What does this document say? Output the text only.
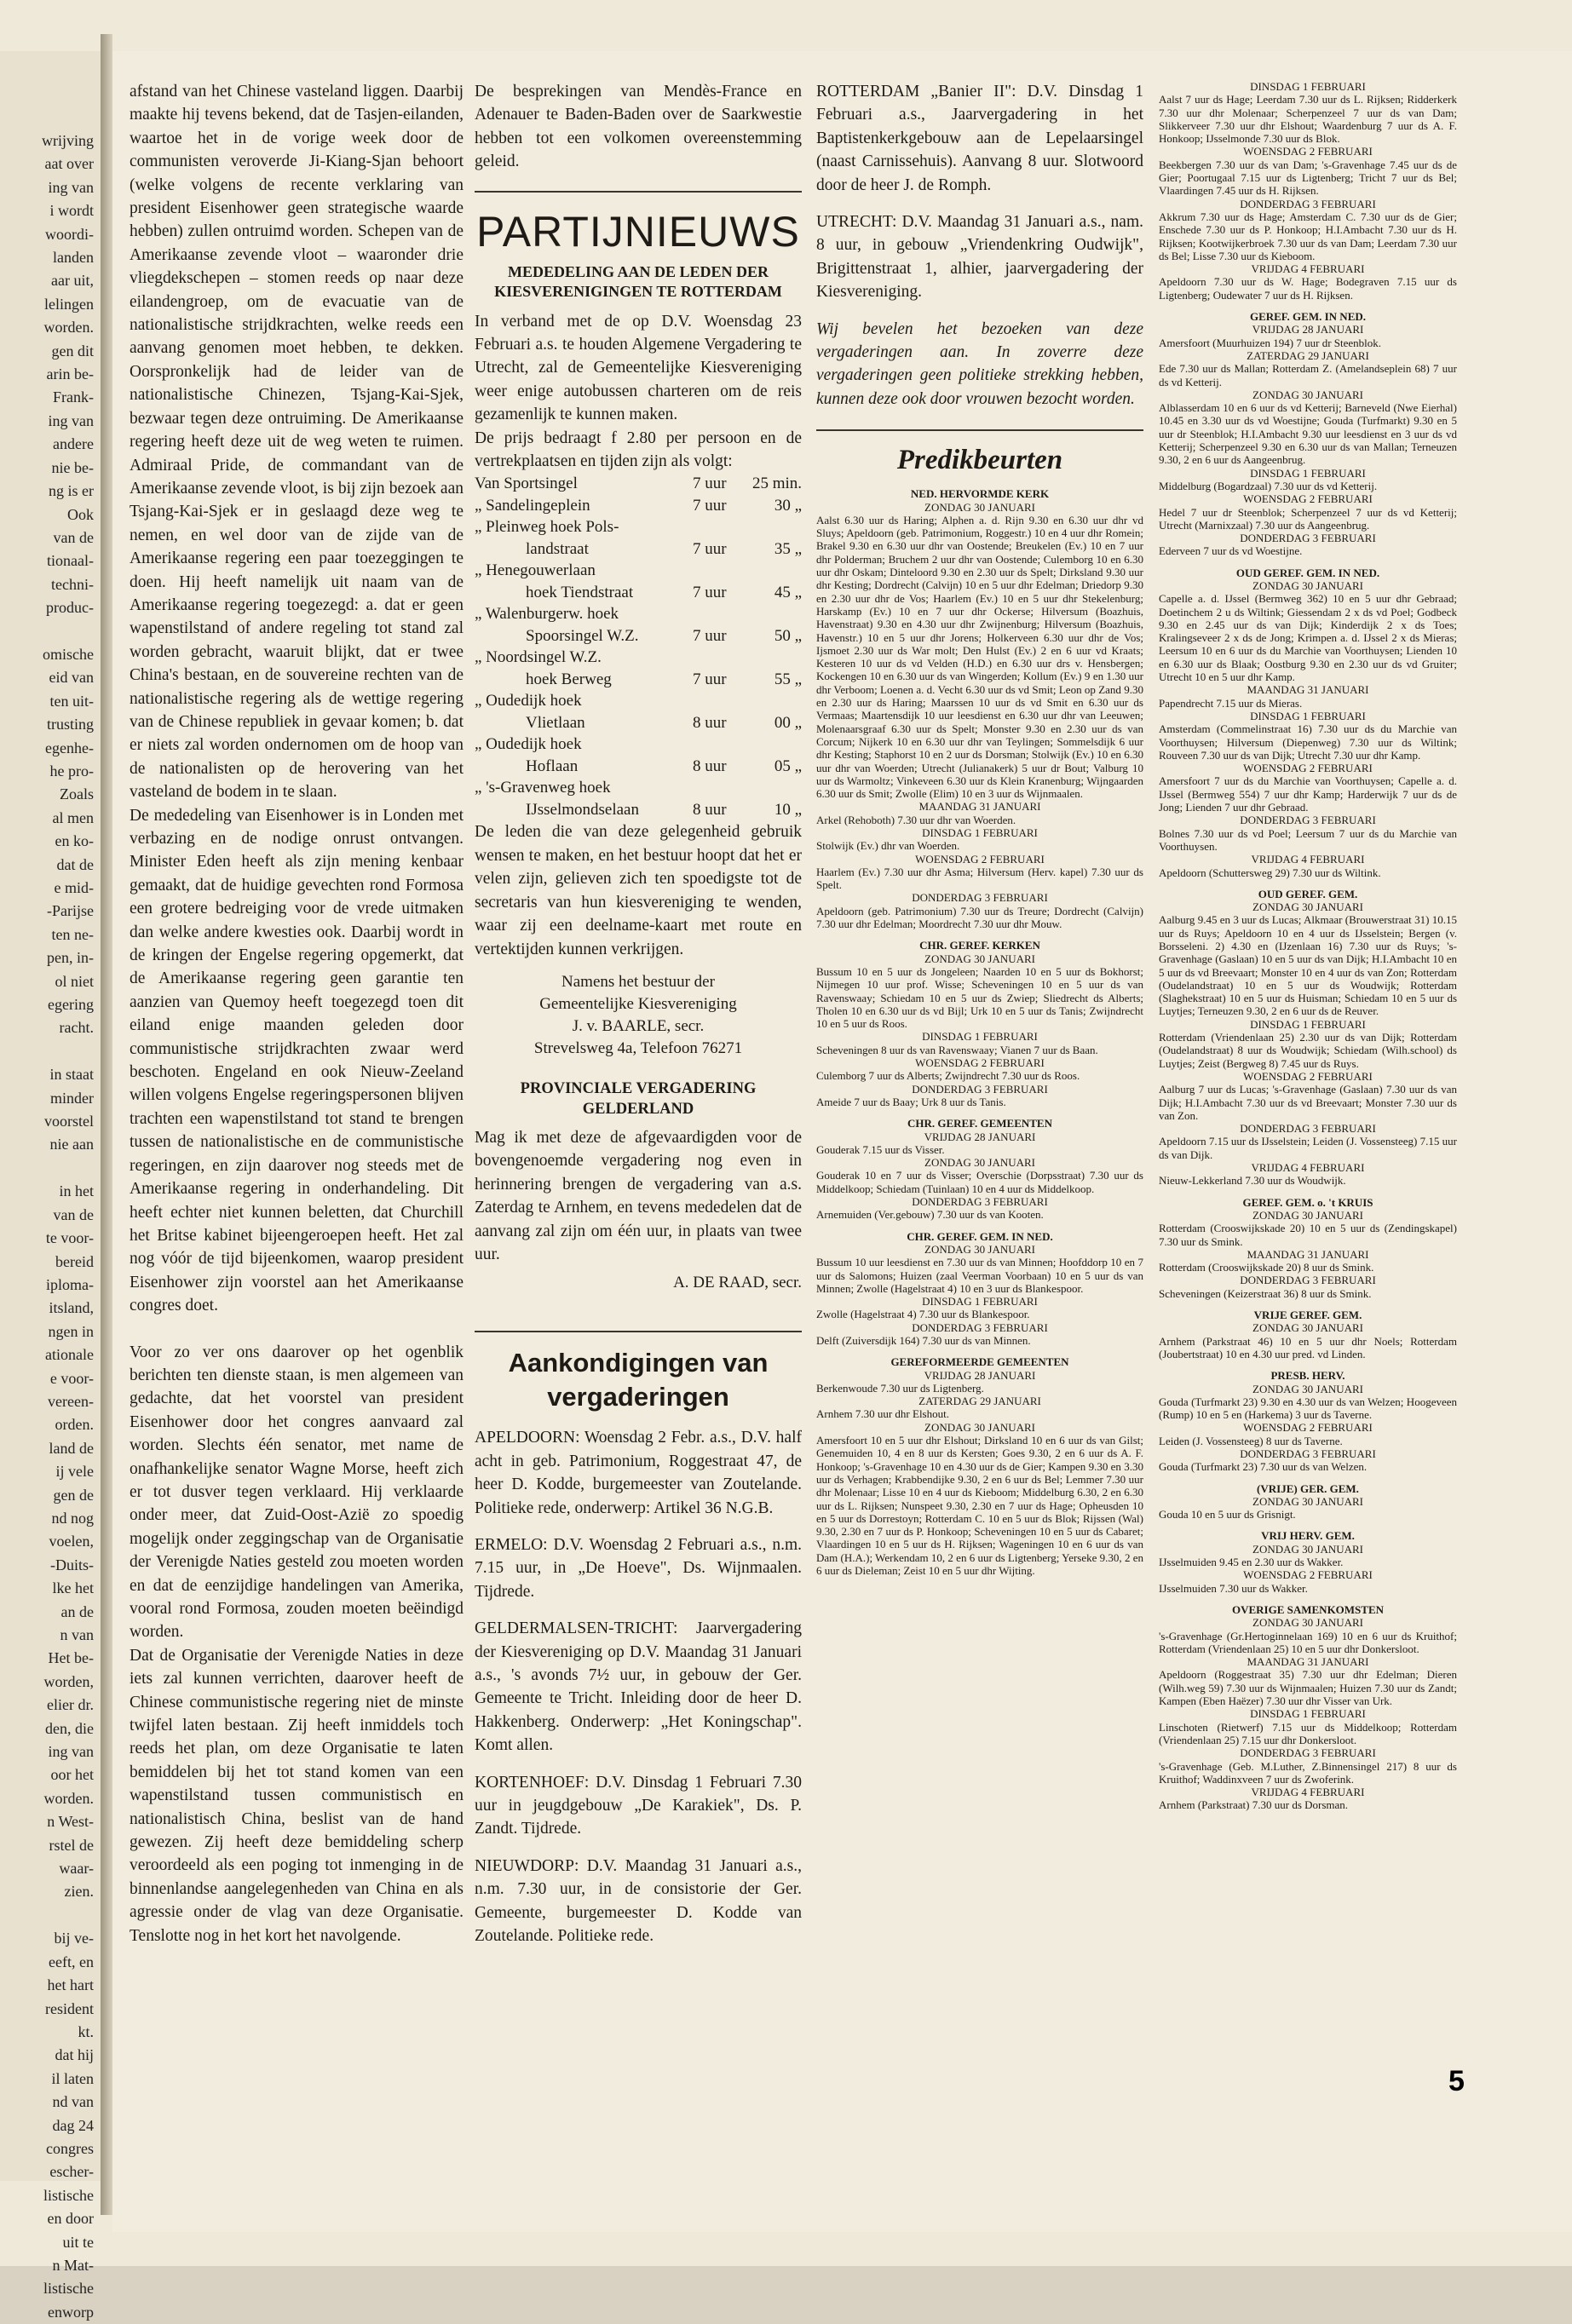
wrijving
aat over
ing van
i wordt
woordi-
landen
aar uit,
lelingen
worden.
gen dit
arin be-
Frank-
ing van
andere
nie be-
ng is er
Ook
van de
tionaal-
techni-
produc-

omische
eid van
ten uit-
trusting
egenhe-
he pro-
Zoals
al men
en ko-
dat de
e mid-
-Parijse
ten ne-
pen, in-
ol niet
egering
racht.

in staat
minder
voorstel
nie aan

in het
van de
te voor-
bereid
iploma-
itsland,
ngen in
ationale
e voor-
vereen-
orden.
land de
ij vele
gen de
nd nog
voelen,
-Duits-
lke het
an de
n van
Het be-
worden,
elier dr.
den, die
ing van
oor het
worden.
n West-
rstel de
waar-
zien.

bij ve-
eeft, en
het hart
resident
kt.
dat hij
il laten
nd van
dag 24
congres
escher-
listische
en door
uit te
n Mat-
listische
enworp

afstand van het Chinese vasteland liggen. Daarbij maakte hij tevens bekend, dat de Tasjen-eilanden, waartoe het in de vorige week door de communisten veroverde Ji-Kiang-Sjan behoort (welke volgens de recente verklaring van president Eisenhower geen strategische waarde hebben) zullen ontruimd worden. Schepen van de Amerikaanse zevende vloot – waaronder drie vliegdekschepen – stomen reeds op naar deze eilandengroep, om de evacuatie van de nationalistische strijdkrachten, welke reeds een aanvang genomen moet hebben, te dekken. Oorspronkelijk had de leider van de nationalistische Chinezen, Tsjang-Kai-Sjek, bezwaar tegen deze ontruiming. De Amerikaanse regering heeft deze uit de weg weten te ruimen. Admiraal Pride, de commandant van de Amerikaanse zevende vloot, is bij zijn bezoek aan Tsjang-Kai-Sjek er in geslaagd deze weg te nemen, en wel door van de zijde van de Amerikaanse regering een paar toezeggingen te doen. Hij heeft namelijk uit naam van de Amerikaanse regering toegezegd: a. dat er geen wapenstilstand of andere regeling tot stand zal worden gebracht, waaruit blijkt, dat er twee China's bestaan, en de souvereine rechten van de nationalistische regering als de wettige regering van de Chinese republiek in gevaar komen; b. dat er niets zal worden ondernomen om de hoop van de nationalisten op de herovering van het vasteland de bodem in te slaan.

De mededeling van Eisenhower is in Londen met verbazing en de nodige onrust ontvangen. Minister Eden heeft als zijn mening kenbaar gemaakt, dat de huidige gevechten rond Formosa een grotere bedreiging voor de vrede uitmaken dan welke andere kwesties ook. Daarbij wordt in de kringen der Engelse regering opgemerkt, dat de Amerikaanse regering geen garantie ten aanzien van Quemoy heeft toegezegd toen dit eiland enige maanden geleden door communistische strijdkrachten zwaar werd beschoten. Engeland en ook Nieuw-Zeeland willen volgens Engelse regeringspersonen blijven trachten een wapenstilstand tot stand te brengen tussen de nationalistische en de communistische regeringen, en zijn daarover nog steeds met de Amerikaanse regering in onderhandeling. Dit heeft echter niet kunnen beletten, dat Churchill het Britse kabinet bijeengeroepen heeft. Het zal nog vóór de tijd bijeenkomen, waarop president Eisenhower zijn voorstel aan het Amerikaanse congres doet.

Voor zo ver ons daarover op het ogenblik berichten ten dienste staan, is men algemeen van gedachte, dat het voorstel van president Eisenhower door het congres aanvaard zal worden. Slechts één senator, met name de onafhankelijke senator Wagne Morse, heeft zich er tot dusver tegen verklaard. Hij verklaarde onder meer, dat Zuid-Oost-Azië zo spoedig mogelijk onder zeggingschap van de Organisatie der Verenigde Naties gesteld zou moeten worden en dat de eenzijdige handelingen van Amerika, vooral rond Formosa, zouden moeten beëindigd worden.

Dat de Organisatie der Verenigde Naties in deze iets zal kunnen verrichten, daarover heeft de Chinese communistische regering niet de minste twijfel laten bestaan. Zij heeft inmiddels toch reeds het plan, om deze Organisatie te laten bemiddelen bij het tot stand komen van een wapenstilstand tussen communistisch en nationalistisch China, beslist van de hand gewezen. Zij heeft deze bemiddeling scherp veroordeeld als een poging tot inmenging in de binnenlandse aangelegenheden van China en als agressie onder de vlag van deze Organisatie. Tenslotte nog in het kort het navolgende.

De besprekingen van Mendès-France en Adenauer te Baden-Baden over de Saarkwestie hebben tot een volkomen overeenstemming geleid.

PARTIJNIEUWS
MEDEDELING AAN DE LEDEN DER KIESVERENIGINGEN TE ROTTERDAM

In verband met de op D.V. Woensdag 23 Februari a.s. te houden Algemene Vergadering te Utrecht, zal de Gemeentelijke Kiesvereniging weer enige autobussen charteren om de reis gezamenlijk te kunnen maken.

De prijs bedraagt f 2.80 per persoon en de vertrekplaatsen en tijden zijn als volgt:

Van Sportsingel	7 uur	25 min.
„ Sandelingeplein	7 uur	30 „
„ Pleinweg hoek Pols-		
landstraat	7 uur	35 „
„ Henegouwerlaan		
hoek Tiendstraat	7 uur	45 „
„ Walenburgerw. hoek		
Spoorsingel W.Z.	7 uur	50 „
„ Noordsingel W.Z.		
hoek Berweg	7 uur	55 „
„ Oudedijk hoek		
Vlietlaan	8 uur	00 „
„ Oudedijk hoek		
Hoflaan	8 uur	05 „
„ 's-Gravenweg hoek		
IJsselmondselaan	8 uur	10 „

De leden die van deze gelegenheid gebruik wensen te maken, en het bestuur hoopt dat het er velen zijn, gelieven zich ten spoedigste tot de secretaris van hun kiesvereniging te wenden, waar zij een deelname-kaart met route en vertektijden kunnen verkrijgen.

Namens het bestuur der
Gemeentelijke Kiesvereniging
J. v. BAARLE, secr.
Strevelsweg 4a, Telefoon 76271
PROVINCIALE VERGADERING GELDERLAND

Mag ik met deze de afgevaardigden voor de bovengenoemde vergadering nog even in herinnering brengen de vergadering van a.s. Zaterdag te Arnhem, en tevens mededelen dat de aanvang zal zijn om één uur, in plaats van twee uur.

A. DE RAAD, secr.
Aankondigingen van vergaderingen

APELDOORN: Woensdag 2 Febr. a.s., D.V. half acht in geb. Patrimonium, Roggestraat 47, de heer D. Kodde, burgemeester van Zoutelande. Politieke rede, onderwerp: Artikel 36 N.G.B.

ERMELO: D.V. Woensdag 2 Februari a.s., n.m. 7.15 uur, in „De Hoeve", Ds. Wijnmaalen. Tijdrede.

GELDERMALSEN-TRICHT: Jaarvergadering der Kiesvereniging op D.V. Maandag 31 Januari a.s., 's avonds 7½ uur, in gebouw der Ger. Gemeente te Tricht. Inleiding door de heer D. Hakkenberg. Onderwerp: „Het Koningschap". Komt allen.

KORTENHOEF: D.V. Dinsdag 1 Februari 7.30 uur in jeugdgebouw „De Karakiek", Ds. P. Zandt. Tijdrede.

NIEUWDORP: D.V. Maandag 31 Januari a.s., n.m. 7.30 uur, in de consistorie der Ger. Gemeente, burgemeester D. Kodde van Zoutelande. Politieke rede.

ROTTERDAM „Banier II": D.V. Dinsdag 1 Februari a.s., Jaarvergadering in het Baptistenkerkgebouw aan de Lepelaarsingel (naast Carnissehuis). Aanvang 8 uur. Slotwoord door de heer J. de Romph.

UTRECHT: D.V. Maandag 31 Januari a.s., nam. 8 uur, in gebouw „Vriendenkring Oudwijk", Brigittenstraat 1, alhier, jaarvergadering der Kiesvereniging.

Wij bevelen het bezoeken van deze vergaderingen aan. In zoverre deze vergaderingen geen politieke strekking hebben, kunnen deze ook door vrouwen bezocht worden.

Predikbeurten
NED. HERVORMDE KERK
ZONDAG 30 JANUARI
Aalst 6.30 uur ds Haring; Alphen a. d. Rijn 9.30 en 6.30 uur dhr vd Sluys; Apeldoorn (geb. Patrimonium, Roggestr.) 10 en 4 uur dhr Romein; Brakel 9.30 en 6.30 uur dhr van Oostende; Breukelen (Ev.) 10 en 7 uur dhr Polderman; Bruchem 2 uur dhr van Oostende; Culemborg 10 en 6.30 uur dhr Oskam; Dinteloord 9.30 en 2.30 uur ds Spelt; Dirksland 9.30 uur dhr Kesting; Dordrecht (Calvijn) 10 en 5 uur dhr Edelman; Driedorp 9.30 en 2.30 uur dhr de Vos; Haarlem (Ev.) 10 en 5 uur dhr Stekelenburg; Harskamp (Ev.) 10 en 7 uur dhr Ockerse; Hilversum (Boazhuis, Havenstraat) 9.30 en 4.30 uur dhr Zwijnenburg; Hilversum (Boazhuis, Havenstr.) 10 en 5 uur dhr Jorens; Holkerveen 6.30 uur dhr de Vos; Ijsmoet 2.30 uur ds War molt; Den Hulst (Ev.) 2 en 6 uur vd Kraats; Kesteren 10 uur ds vd Velden (H.D.) en 6.30 uur drs v. Hensbergen; Kockengen 10 en 6.30 uur ds van Wingerden; Kollum (Ev.) 9 en 1.30 uur dhr Verboom; Loenen a. d. Vecht 6.30 uur ds vd Smit; Leon op Zand 9.30 en 2.30 uur ds Haring; Maarssen 10 uur ds vd Smit en 6.30 uur ds Vermaas; Maartensdijk 10 uur leesdienst en 6.30 uur dhr van Leeuwen; Molenaarsgraaf 6.30 uur ds Spelt; Monster 9.30 en 2.30 uur ds van Corcum; Nijkerk 10 en 6.30 uur dhr van Teylingen; Sommelsdijk 6 uur dhr Kesting; Staphorst 10 en 2 uur ds Dorsman; Stolwijk (Ev.) 10 en 6.30 uur dhr van Woerden; Utrecht (Julianakerk) 5 uur dr Bout; Valburg 10 uur ds Warmoltz; Vinkeveen 6.30 uur ds Klein Kranenburg; Wijngaarden 6.30 uur ds Smit; Zwolle (Elim) 10 en 3 uur ds Wijnmaalen.
MAANDAG 31 JANUARI
Arkel (Rehoboth) 7.30 uur dhr van Woerden.
DINSDAG 1 FEBRUARI
Stolwijk (Ev.) dhr van Woerden.
WOENSDAG 2 FEBRUARI
Haarlem (Ev.) 7.30 uur dhr Asma; Hilversum (Herv. kapel) 7.30 uur ds Spelt.
DONDERDAG 3 FEBRUARI
Apeldoorn (geb. Patrimonium) 7.30 uur ds Treure; Dordrecht (Calvijn) 7.30 uur dhr Edelman; Moordrecht 7.30 uur dhr Mouw.
CHR. GEREF. KERKEN
ZONDAG 30 JANUARI
Bussum 10 en 5 uur ds Jongeleen; Naarden 10 en 5 uur ds Bokhorst; Nijmegen 10 uur prof. Wisse; Scheveningen 10 en 5 uur ds van Ravenswaay; Schiedam 10 en 5 uur ds Zwiep; Sliedrecht ds Alberts; Tholen 10 en 6.30 uur ds vd Bijl; Urk 10 en 5 uur ds Tanis; Zwijndrecht 10 en 5 uur ds Roos.
DINSDAG 1 FEBRUARI
Scheveningen 8 uur ds van Ravenswaay; Vianen 7 uur ds Baan.
WOENSDAG 2 FEBRUARI
Culemborg 7 uur ds Alberts; Zwijndrecht 7.30 uur ds Roos.
DONDERDAG 3 FEBRUARI
Ameide 7 uur ds Baay; Urk 8 uur ds Tanis.
CHR. GEREF. GEMEENTEN
VRIJDAG 28 JANUARI
Gouderak 7.15 uur ds Visser.
ZONDAG 30 JANUARI
Gouderak 10 en 7 uur ds Visser; Overschie (Dorpsstraat) 7.30 uur ds Middelkoop; Schiedam (Tuinlaan) 10 en 4 uur ds Middelkoop.
DONDERDAG 3 FEBRUARI
Arnemuiden (Ver.gebouw) 7.30 uur ds van Kooten.
CHR. GEREF. GEM. IN NED.
ZONDAG 30 JANUARI
Bussum 10 uur leesdienst en 7.30 uur ds van Minnen; Hoofddorp 10 en 7 uur ds Salomons; Huizen (zaal Veerman Voorbaan) 10 en 5 uur ds van Minnen; Zwolle (Hagelstraat 4) 10 en 3 uur ds Blankespoor.
DINSDAG 1 FEBRUARI
Zwolle (Hagelstraat 4) 7.30 uur ds Blankespoor.
DONDERDAG 3 FEBRUARI
Delft (Zuiversdijk 164) 7.30 uur ds van Minnen.
GEREFORMEERDE GEMEENTEN
VRIJDAG 28 JANUARI
Berkenwoude 7.30 uur ds Ligtenberg.
ZATERDAG 29 JANUARI
Arnhem 7.30 uur dhr Elshout.
ZONDAG 30 JANUARI
Amersfoort 10 en 5 uur dhr Elshout; Dirksland 10 en 6 uur ds van Gilst; Genemuiden 10, 4 en 8 uur ds Kersten; Goes 9.30, 2 en 6 uur ds A. F. Honkoop; 's-Gravenhage 10 en 4.30 uur ds de Gier; Kampen 9.30 en 3.30 uur ds Verhagen; Krabbendijke 9.30, 2 en 6 uur ds Bel; Lemmer 7.30 uur dhr Molenaar; Lisse 10 en 4 uur ds Kieboom; Middelburg 6.30, 2 en 6.30 uur ds L. Rijksen; Nunspeet 9.30, 2.30 en 7 uur ds Hage; Opheusden 10 en 5 uur ds Dorrestoyn; Rotterdam C. 10 en 5 uur ds Blok; Rijssen (Wal) 9.30, 2.30 en 7 uur ds P. Honkoop; Scheveningen 10 en 5 uur ds Cabaret; Vlaardingen 10 en 5 uur ds H. Rijksen; Wageningen 10 en 6 uur ds van Dam (H.A.); Werkendam 10, 2 en 6 uur ds Ligtenberg; Yerseke 9.30, 2 en 6 uur ds Dieleman; Zeist 10 en 5 uur dhr Wijting.
DINSDAG 1 FEBRUARI
Aalst 7 uur ds Hage; Leerdam 7.30 uur ds L. Rijksen; Ridderkerk 7.30 uur dhr Molenaar; Scherpenzeel 7 uur ds van Dam; Slikkerveer 7.30 uur dhr Elshout; Waardenburg 7 uur ds A. F. Honkoop; IJsselmonde 7.30 uur ds Blok.
WOENSDAG 2 FEBRUARI
Beekbergen 7.30 uur ds van Dam; 's-Gravenhage 7.45 uur ds de Gier; Poortugaal 7.15 uur ds Ligtenberg; Tricht 7 uur ds Bel; Vlaardingen 7.45 uur ds H. Rijksen.
DONDERDAG 3 FEBRUARI
Akkrum 7.30 uur ds Hage; Amsterdam C. 7.30 uur ds de Gier; Enschede 7.30 uur ds P. Honkoop; H.I.Ambacht 7.30 uur ds H. Rijksen; Kootwijkerbroek 7.30 uur ds van Dam; Leerdam 7.30 uur ds Bel; Lisse 7.30 uur ds Kieboom.
VRIJDAG 4 FEBRUARI
Apeldoorn 7.30 uur ds W. Hage; Bodegraven 7.15 uur ds Ligtenberg; Oudewater 7 uur ds H. Rijksen.
GEREF. GEM. IN NED.
VRIJDAG 28 JANUARI
Amersfoort (Muurhuizen 194) 7 uur dr Steenblok.
ZATERDAG 29 JANUARI
Ede 7.30 uur ds Mallan; Rotterdam Z. (Amelandseplein 68) 7 uur ds vd Ketterij.
ZONDAG 30 JANUARI
Alblasserdam 10 en 6 uur ds vd Ketterij; Barneveld (Nwe Eierhal) 10.45 en 3.30 uur ds vd Woestijne; Gouda (Turfmarkt) 9.30 en 5 uur dr Steenblok; H.I.Ambacht 9.30 uur leesdienst en 3 uur ds vd Ketterij; Scherpenzeel 9.30 en 6.30 uur ds van Mallan; Terneuzen 9.30, 2 en 6 uur ds Aangeenbrug.
DINSDAG 1 FEBRUARI
Middelburg (Bogardzaal) 7.30 uur ds vd Ketterij.
WOENSDAG 2 FEBRUARI
Hedel 7 uur dr Steenblok; Scherpenzeel 7 uur ds vd Ketterij; Utrecht (Marnixzaal) 7.30 uur ds Aangeenbrug.
DONDERDAG 3 FEBRUARI
Ederveen 7 uur ds vd Woestijne.
OUD GEREF. GEM. IN NED.
ZONDAG 30 JANUARI
Capelle a. d. IJssel (Bermweg 362) 10 en 5 uur dhr Gebraad; Doetinchem 2 u ds Wiltink; Giessendam 2 x ds vd Poel; Godbeck 9.30 en 2.45 uur ds van Dijk; Kinderdijk 2 x ds Toes; Kralingseveer 2 x ds de Jong; Krimpen a. d. IJssel 2 x ds Mieras; Leersum 10 en 6 uur ds du Marchie van Voorthuysen; Lienden 10 en 6.30 uur ds Blaak; Oostburg 9.30 en 2.30 uur ds vd Gruiter; Utrecht 10 en 5 uur dhr Kamp.
MAANDAG 31 JANUARI
Papendrecht 7.15 uur ds Mieras.
DINSDAG 1 FEBRUARI
Amsterdam (Commelinstraat 16) 7.30 uur ds du Marchie van Voorthuysen; Hilversum (Diepenweg) 7.30 uur ds Wiltink; Rouveen 7.30 uur ds van Dijk; Utrecht 7.30 uur dhr Kamp.
WOENSDAG 2 FEBRUARI
Amersfoort 7 uur ds du Marchie van Voorthuysen; Capelle a. d. IJssel (Bermweg 554) 7 uur dhr Kamp; Harderwijk 7 uur ds de Jong; Lienden 7 uur dhr Gebraad.
DONDERDAG 3 FEBRUARI
Bolnes 7.30 uur ds vd Poel; Leersum 7 uur ds du Marchie van Voorthuysen.
VRIJDAG 4 FEBRUARI
Apeldoorn (Schuttersweg 29) 7.30 uur ds Wiltink.
OUD GEREF. GEM.
ZONDAG 30 JANUARI
Aalburg 9.45 en 3 uur ds Lucas; Alkmaar (Brouwerstraat 31) 10.15 uur ds Ruys; Apeldoorn 10 en 4 uur ds IJsselstein; Bergen (v. Borsseleni. 2) 4.30 en (IJzenlaan 16) 7.30 uur ds Ruys; 's-Gravenhage (Gaslaan) 10 en 5 uur ds van Dijk; H.I.Ambacht 10 en 5 uur ds vd Breevaart; Monster 10 en 4 uur ds van Zon; Rotterdam (Oudelandstraat) 10 en 5 uur ds Woudwijk; Rotterdam (Slaghekstraat) 10 en 5 uur ds Huisman; Schiedam 10 en 5 uur ds Luytjes; Terneuzen 9.30, 2 en 6 uur ds de Reuver.
DINSDAG 1 FEBRUARI
Rotterdam (Vriendenlaan 25) 2.30 uur ds van Dijk; Rotterdam (Oudelandstraat) 8 uur ds Woudwijk; Schiedam (Wilh.school) ds Luytjes; Zeist (Bergweg 8) 7.45 uur ds Ruys.
WOENSDAG 2 FEBRUARI
Aalburg 7 uur ds Lucas; 's-Gravenhage (Gaslaan) 7.30 uur ds van Dijk; H.I.Ambacht 7.30 uur ds vd Breevaart; Monster 7.30 uur ds van Zon.
DONDERDAG 3 FEBRUARI
Apeldoorn 7.15 uur ds IJsselstein; Leiden (J. Vossensteeg) 7.15 uur ds van Dijk.
VRIJDAG 4 FEBRUARI
Nieuw-Lekkerland 7.30 uur ds Woudwijk.
GEREF. GEM. o. 't KRUIS
ZONDAG 30 JANUARI
Rotterdam (Crooswijkskade 20) 10 en 5 uur ds (Zendingskapel) 7.30 uur ds Smink.
MAANDAG 31 JANUARI
Rotterdam (Crooswijkskade 20) 8 uur ds Smink.
DONDERDAG 3 FEBRUARI
Scheveningen (Keizerstraat 36) 8 uur ds Smink.
VRIJE GEREF. GEM.
ZONDAG 30 JANUARI
Arnhem (Parkstraat 46) 10 en 5 uur dhr Noels; Rotterdam (Joubertstraat) 10 en 4.30 uur pred. vd Linden.
PRESB. HERV.
ZONDAG 30 JANUARI
Gouda (Turfmarkt 23) 9.30 en 4.30 uur ds van Welzen; Hoogeveen (Rump) 10 en 5 en (Harkema) 3 uur ds Taverne.
WOENSDAG 2 FEBRUARI
Leiden (J. Vossensteeg) 8 uur ds Taverne.
DONDERDAG 3 FEBRUARI
Gouda (Turfmarkt 23) 7.30 uur ds van Welzen.
(VRIJE) GER. GEM.
ZONDAG 30 JANUARI
Gouda 10 en 5 uur ds Grisnigt.
VRIJ HERV. GEM.
ZONDAG 30 JANUARI
IJsselmuiden 9.45 en 2.30 uur ds Wakker.
WOENSDAG 2 FEBRUARI
IJsselmuiden 7.30 uur ds Wakker.
OVERIGE SAMENKOMSTEN
ZONDAG 30 JANUARI
's-Gravenhage (Gr.Hertoginnelaan 169) 10 en 6 uur ds Kruithof; Rotterdam (Vriendenlaan 25) 10 en 5 uur dhr Donkersloot.
MAANDAG 31 JANUARI
Apeldoorn (Roggestraat 35) 7.30 uur dhr Edelman; Dieren (Wilh.weg 59) 7.30 uur ds Wijnmaalen; Huizen 7.30 uur ds Zandt; Kampen (Eben Haëzer) 7.30 uur dhr Visser van Urk.
DINSDAG 1 FEBRUARI
Linschoten (Rietwerf) 7.15 uur ds Middelkoop; Rotterdam (Vriendenlaan 25) 7.15 uur dhr Donkersloot.
DONDERDAG 3 FEBRUARI
's-Gravenhage (Geb. M.Luther, Z.Binnensingel 217) 8 uur ds Kruithof; Waddinxveen 7 uur ds Zwoferink.
VRIJDAG 4 FEBRUARI
Arnhem (Parkstraat) 7.30 uur ds Dorsman.
5
